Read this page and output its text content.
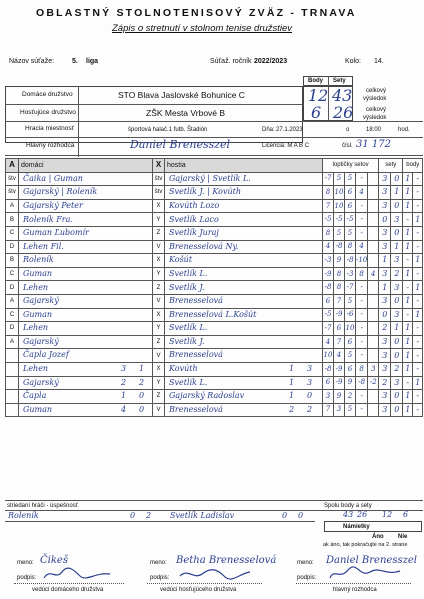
OBLASTNÝ STOLNOTENISOVÝ ZVÄZ - TRNAVA
Zápis o stretnutí v stolnom tenise družstiev
Názov súťaže:	5. liga	Súťaž. ročník 2022/2023	Kolo: 14.
Body Sety
Domáce družstvo	STO Blava Jaslovské Bohunice C	12 43 celkový
výsledok
Hosťujúce družstvo	ZŠK Mesta Vrbové B	6 26 celkový
výsledok
Hracia miestnosť	športová halač.1 futb. Štadión	Dňa: 27.1.2023	o	18:00	hod.
Hlavný rozhodca	Daniel Brenesszel	Licencia: M A B C	čísl. 31 172
A	domáci	X	hostia	loptičky setov					sety		body	
štv	Čaika | Guman	štv	Gajarský | Svetlík L.	-7	5	5	-		3	0	1	-
štv	Gajarský | Roleník	štv	Svetlík J. | Kovúth	8	10	6	4		3	1	1	-
A	Gajarský Peter	X	Kovúth Lozo	7	10	6	-		3	0	1	-
B	Roleník Fra.	Y	Svetlík Laco	-5	-5	-5	-		0	3	-	1
C	Guman Ľubomír	Z	Svetlík Juraj	8	5	5	-		3	0	1	-
D	Lehen Fil.	V	Brenesselová Ny.	4	-8	8	4		3	1	1	-
B	Roleník	X	Košút	-3	9	-8	-10		1	3	-	1
C	Guman	Y	Svetlík L.	-9	8	-3	8	4	3	2	1	-
D	Lehen	Z	Svetlík J.	-8	8	-7	-		1	3	-	1
A	Gajarský	V	Brenesselová	6	7	5	-		3	0	1	-
C	Guman	X	Brenesselová L.Košút	-5	-9	-6	-		0	3	-	1
D	Lehen	Y	Svetlík L.	-7	6	10	-		2	1	1	-
A	Gajarský	Z	Svetlík J.	4	7	6	-		3	0	1	-

	Čapla Jozef	V	Brenesselová	10	4	5	-		3	0	1	-

	Lehen 3 1	X	Kovúth 1 3	-8	-9	6	8	3	3	2	1	-

	Gajarský 2 2	Y	Svetlík L. 1 3	6	-9	9	-8	-2	2	3	-	1

	Čapla 1 0	Z	Gajarský Radoslav 1 0	3	9	2	-		3	0	1	-

	Guman 4 0	V	Brenesselová 2 2	7	3	5	-		3	0	1	-
striedaní hráči - úspešnosť	Spolu body a sety
43 26 12 6
Roleník	0 2 Svetlík Ladislav	0 0
Námietky
Áno Nie
ak áno, tak pokračujte na 2. strane
meno: Čikeš	meno: Betha Brenesselová	meno: Daniel Brenesszel
podpis:	podpis:	podpis:
vedúci domáceho družstva	vedúci hosťujúceho družstva	hlavný rozhodca
